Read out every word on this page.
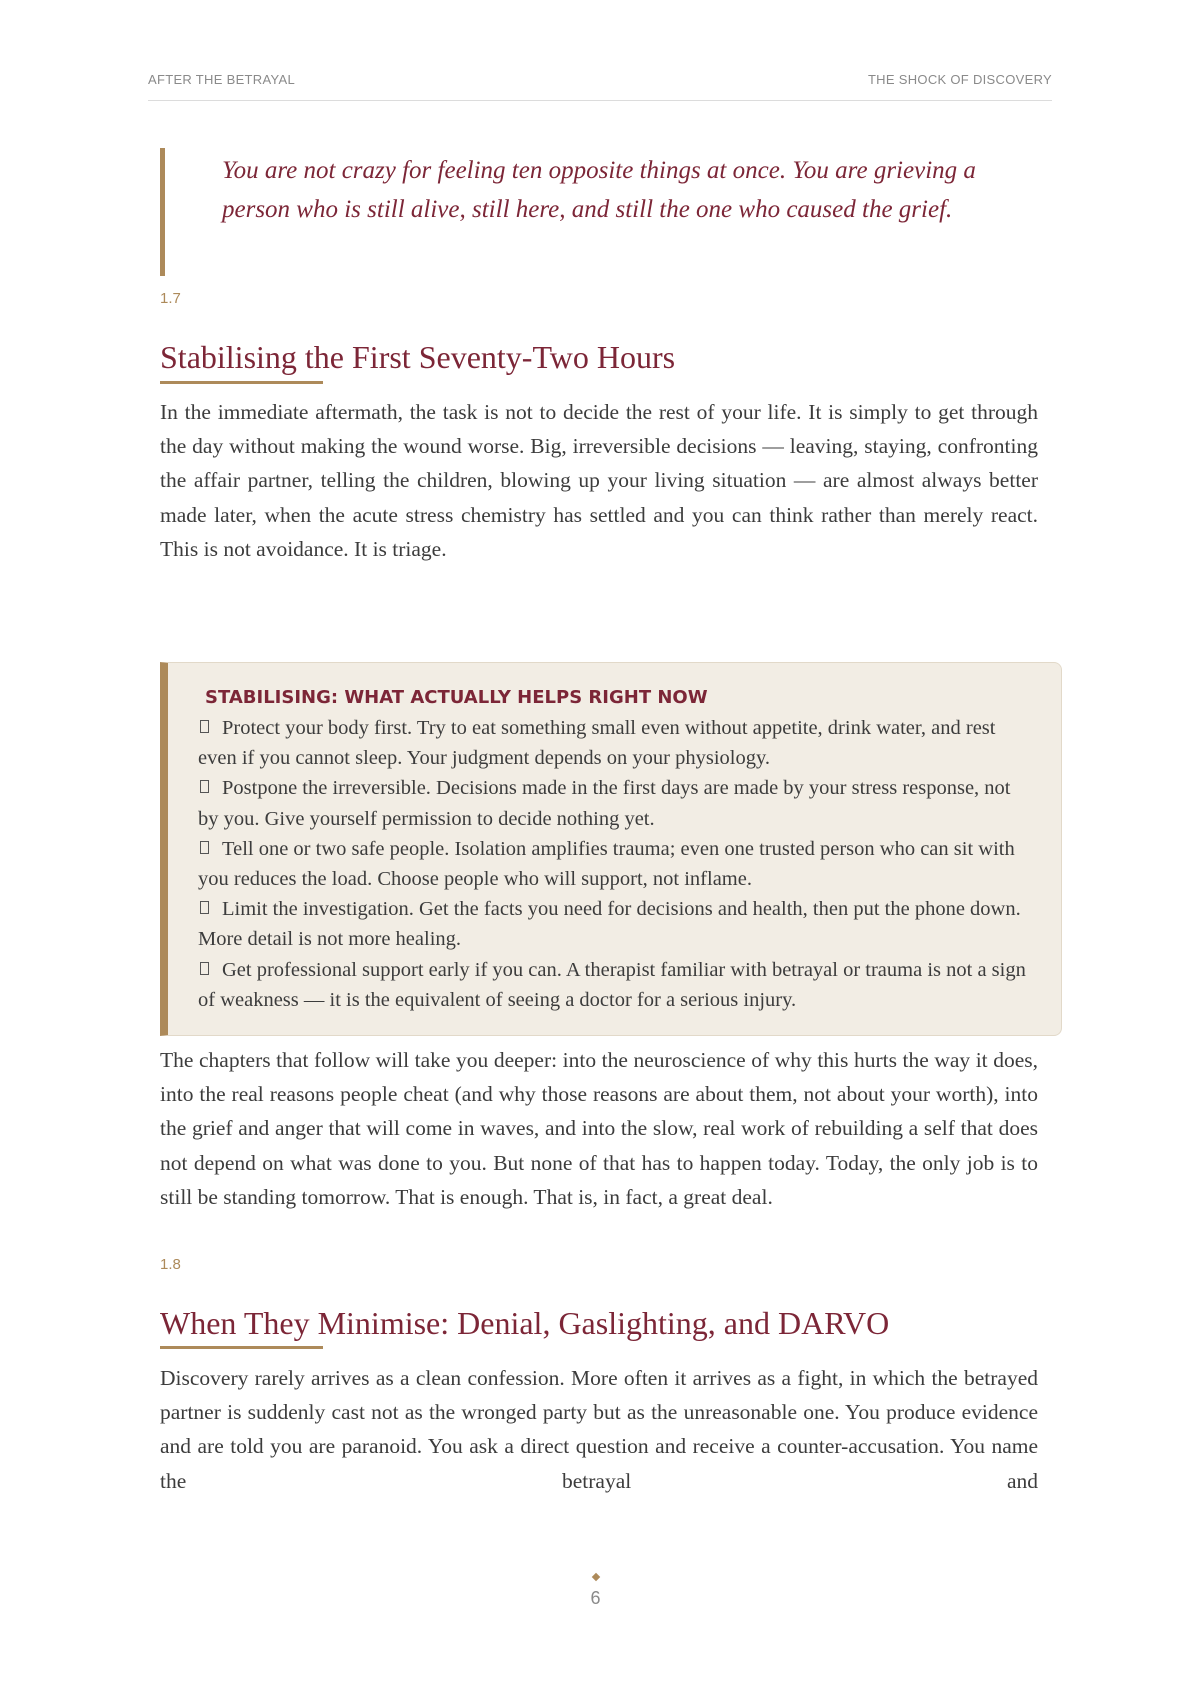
AFTER THE BETRAYAL	THE SHOCK OF DISCOVERY

You are not crazy for feeling ten opposite things at once. You are grieving a person who is still alive, still here, and still the one who caused the grief.

1.7
Stabilising the First Seventy-Two Hours

In the immediate aftermath, the task is not to decide the rest of your life. It is simply to get through the day without making the wound worse. Big, irreversible decisions — leaving, staying, confronting the affair partner, telling the children, blowing up your living situation — are almost always better made later, when the acute stress chemistry has settled and you can think rather than merely react. This is not avoidance. It is triage.

STABILISING: WHAT ACTUALLY HELPS RIGHT NOW
Protect your body first. Try to eat something small even without appetite, drink water, and rest even if you cannot sleep. Your judgment depends on your physiology.
Postpone the irreversible. Decisions made in the first days are made by your stress response, not by you. Give yourself permission to decide nothing yet.
Tell one or two safe people. Isolation amplifies trauma; even one trusted person who can sit with you reduces the load. Choose people who will support, not inflame.
Limit the investigation. Get the facts you need for decisions and health, then put the phone down. More detail is not more healing.
Get professional support early if you can. A therapist familiar with betrayal or trauma is not a sign of weakness — it is the equivalent of seeing a doctor for a serious injury.

The chapters that follow will take you deeper: into the neuroscience of why this hurts the way it does, into the real reasons people cheat (and why those reasons are about them, not about your worth), into the grief and anger that will come in waves, and into the slow, real work of rebuilding a self that does not depend on what was done to you. But none of that has to happen today. Today, the only job is to still be standing tomorrow. That is enough. That is, in fact, a great deal.

1.8
When They Minimise: Denial, Gaslighting, and DARVO

Discovery rarely arrives as a clean confession. More often it arrives as a fight, in which the betrayed partner is suddenly cast not as the wronged party but as the unreasonable one. You produce evidence and are told you are paranoid. You ask a direct question and receive a counter-accusation. You name the betrayal and

6
